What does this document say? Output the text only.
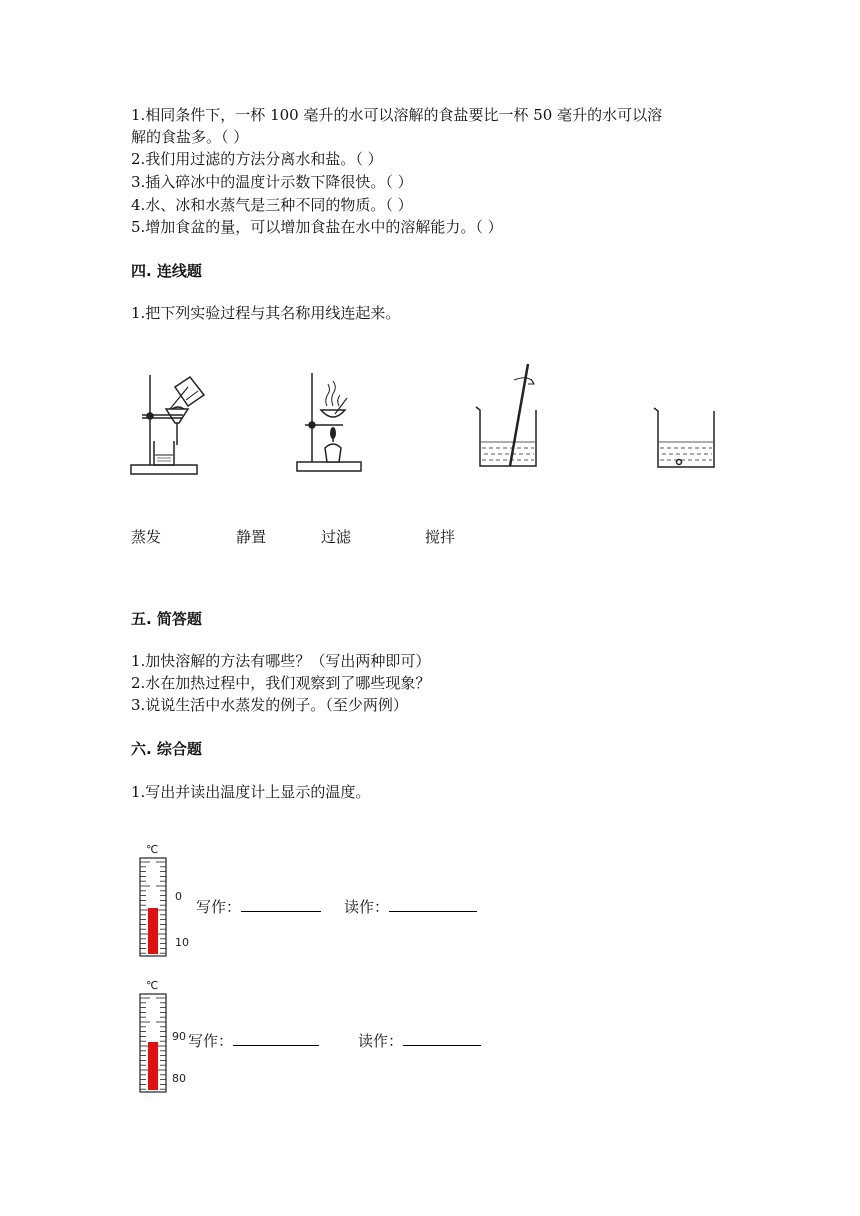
1.相同条件下，一杯 100 毫升的水可以溶解的食盐要比一杯 50 毫升的水可以溶
解的食盐多。（ ）
2.我们用过滤的方法分离水和盐。（ ）
3.插入碎冰中的温度计示数下降很快。（ ）
4.水、冰和水蒸气是三种不同的物质。（ ）
5.增加食盆的量，可以增加食盐在水中的溶解能力。（ ）
四. 连线题
1.把下列实验过程与其名称用线连起来。
蒸发	静置	过滤	搅拌
五. 简答题
1.加快溶解的方法有哪些？（写出两种即可）
2.水在加热过程中，我们观察到了哪些现象？
3.说说生活中水蒸发的例子。（至少两例）
六. 综合题
1.写出并读出温度计上显示的温度。
℃
0
10
写作：	读作：
℃
90
80
写作：	读作：
